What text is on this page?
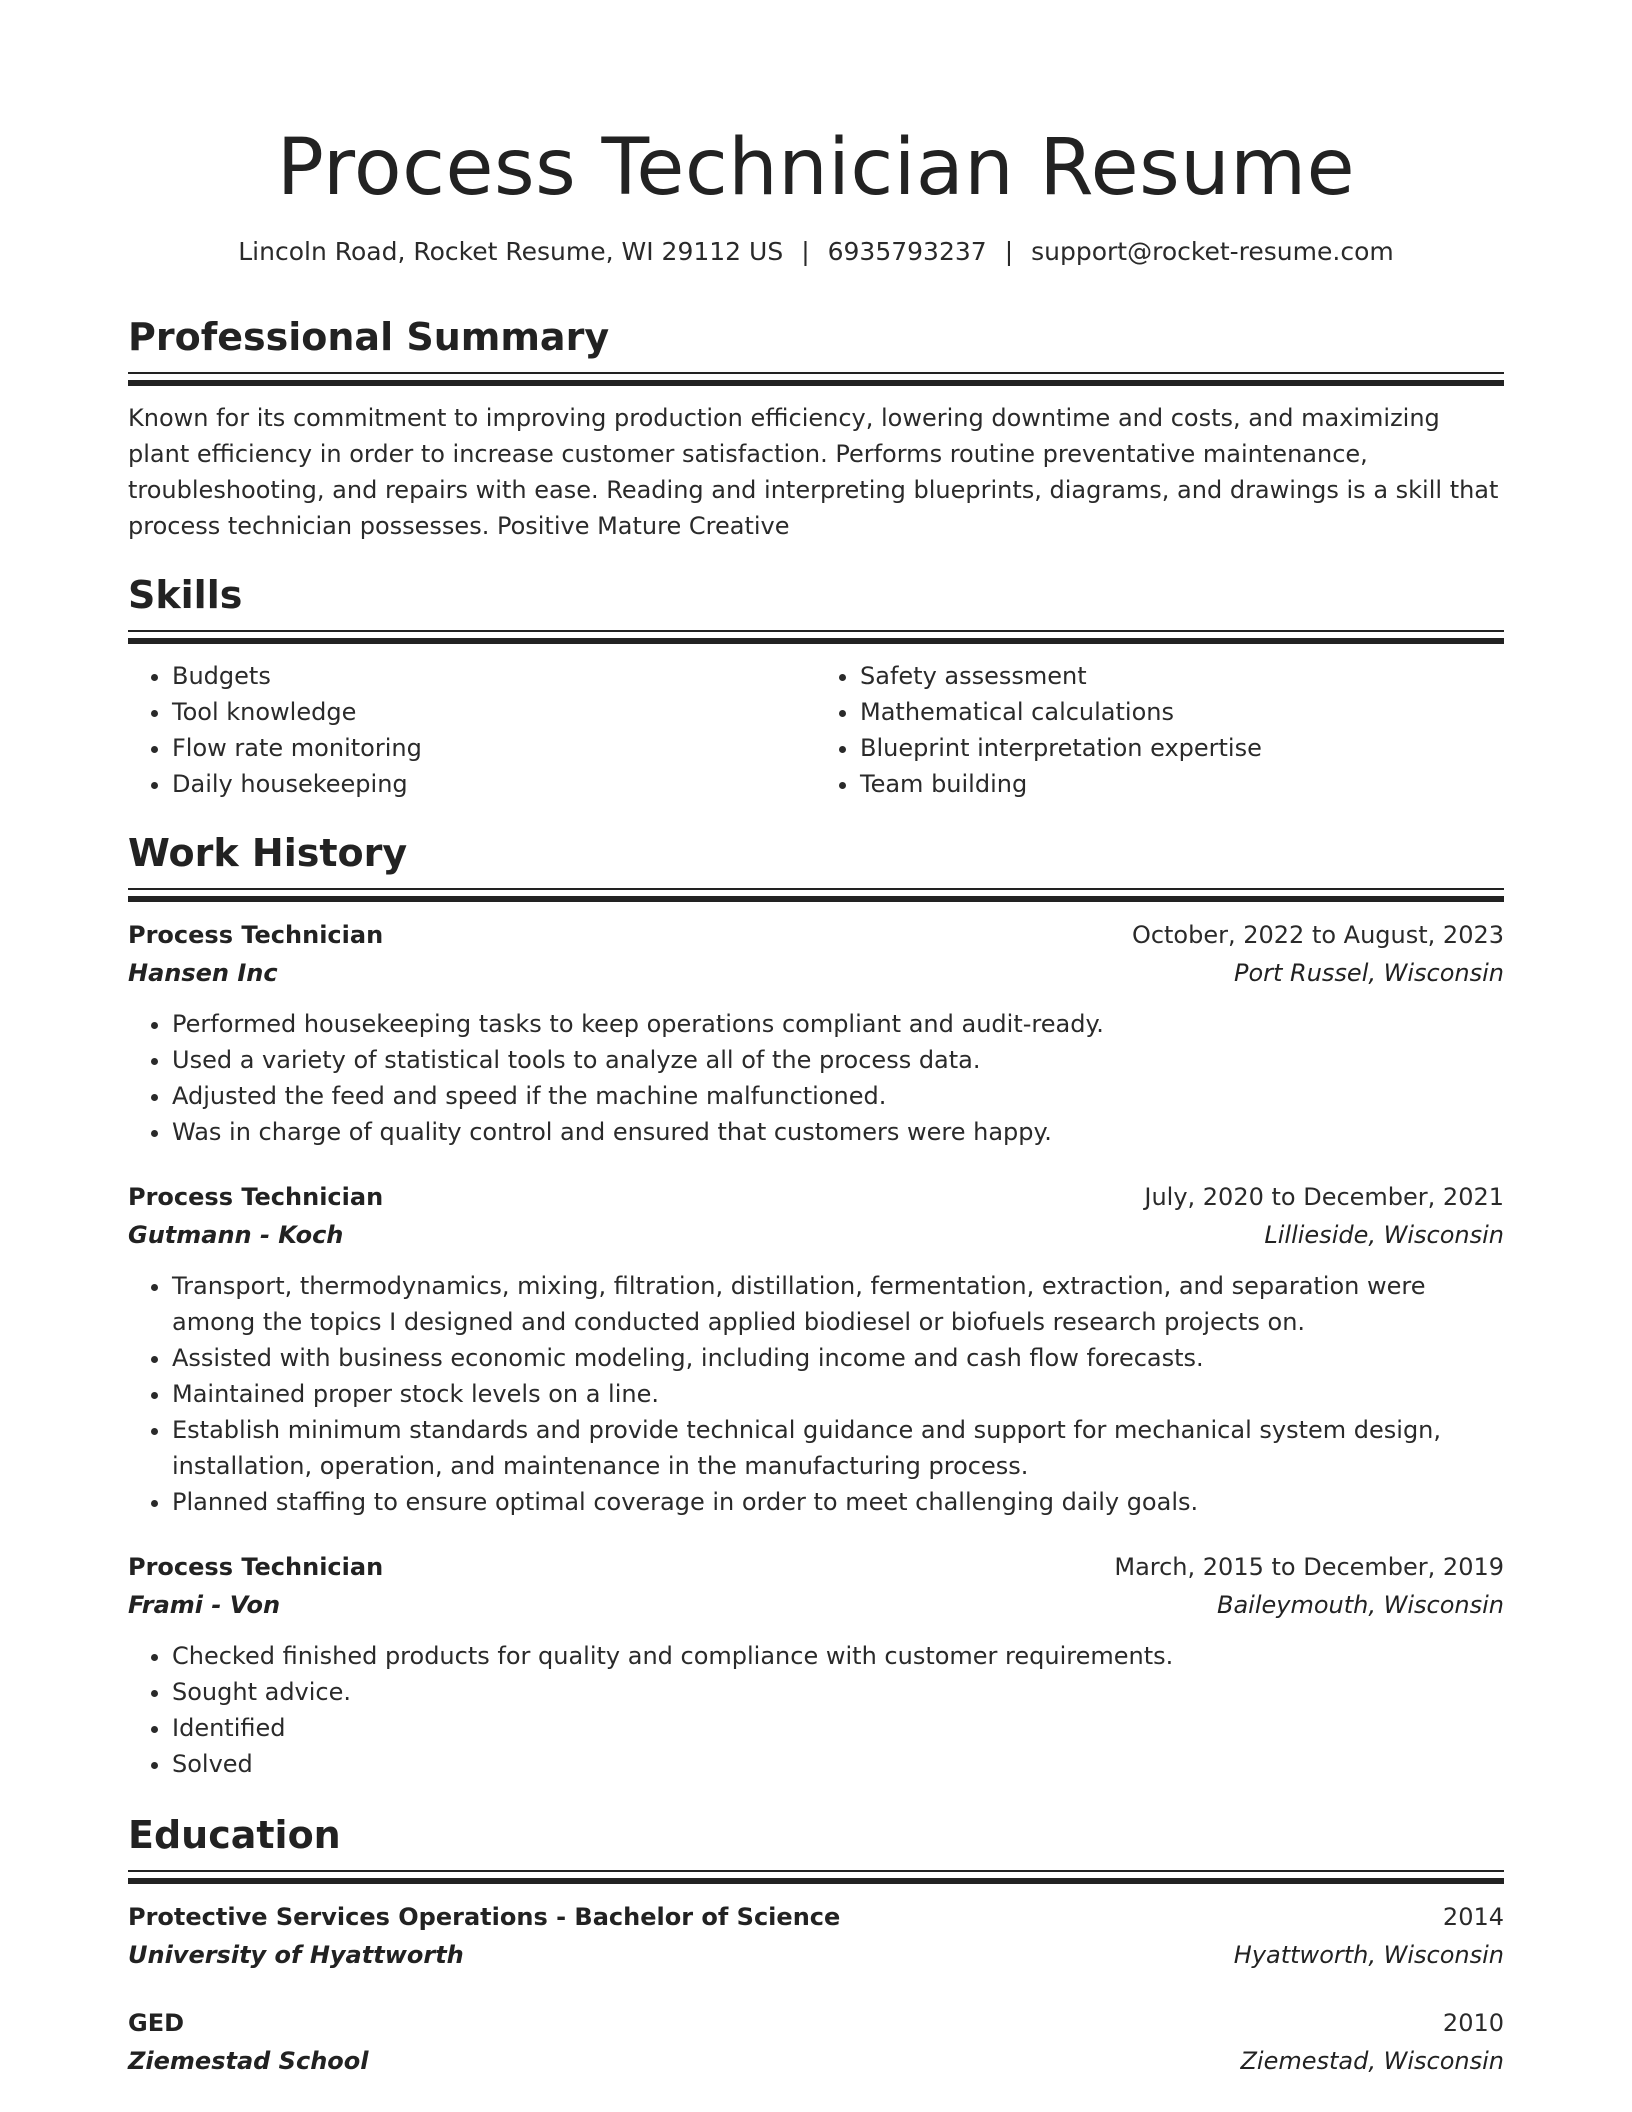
Process Technician Resume
Lincoln Road, Rocket Resume, WI 29112 US | 6935793237 | support@rocket-resume.com
Professional Summary

Known for its commitment to improving production efficiency, lowering downtime and costs, and maximizing plant efficiency in order to increase customer satisfaction. Performs routine preventative maintenance, troubleshooting, and repairs with ease. Reading and interpreting blueprints, diagrams, and drawings is a skill that process technician possesses. Positive Mature Creative

Skills
• Budgets
• Tool knowledge
• Flow rate monitoring
• Daily housekeeping
• Safety assessment
• Mathematical calculations
• Blueprint interpretation expertise
• Team building
Work History
Process Technician	October, 2022 to August, 2023
Hansen Inc	Port Russel, Wisconsin
• Performed housekeeping tasks to keep operations compliant and audit-ready.
• Used a variety of statistical tools to analyze all of the process data.
• Adjusted the feed and speed if the machine malfunctioned.
• Was in charge of quality control and ensured that customers were happy.
Process Technician	July, 2020 to December, 2021
Gutmann - Koch	Lillieside, Wisconsin
• Transport, thermodynamics, mixing, filtration, distillation, fermentation, extraction, and separation were among the topics I designed and conducted applied biodiesel or biofuels research projects on.
• Assisted with business economic modeling, including income and cash flow forecasts.
• Maintained proper stock levels on a line.
• Establish minimum standards and provide technical guidance and support for mechanical system design, installation, operation, and maintenance in the manufacturing process.
• Planned staffing to ensure optimal coverage in order to meet challenging daily goals.
Process Technician	March, 2015 to December, 2019
Frami - Von	Baileymouth, Wisconsin
• Checked finished products for quality and compliance with customer requirements.
• Sought advice.
• Identified
• Solved
Education
Protective Services Operations - Bachelor of Science	2014
University of Hyattworth	Hyattworth, Wisconsin
GED	2010
Ziemestad School	Ziemestad, Wisconsin
